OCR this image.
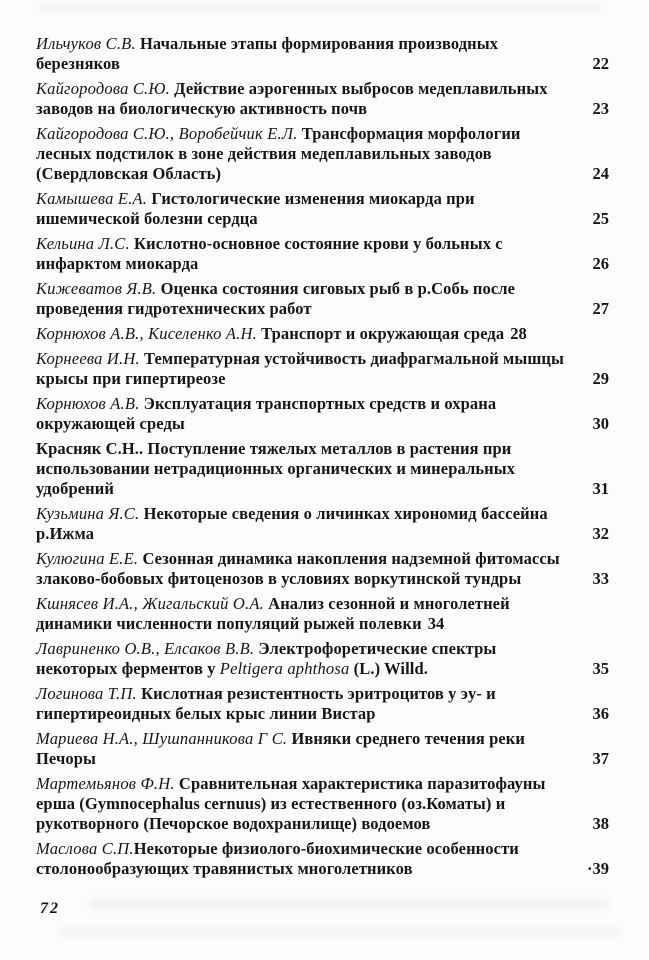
Ильчуков С.В. Начальные этапы формирования производных
березняков	22
Кайгородова С.Ю. Действие аэрогенных выбросов медеплавильных
заводов на биологическую активность почв	23
Кайгородова С.Ю., Воробейчик Е.Л. Трансформация морфологии
лесных подстилок в зоне действия медеплавильных заводов
(Свердловская Область)	24
Камышева Е.А. Гистологические изменения миокарда при
ишемической болезни сердца	25
Кельина Л.С. Кислотно-основное состояние крови у больных с
инфарктом миокарда	26
Кижеватов Я.В. Оценка состояния сиговых рыб в р.Собь после
проведения гидротехнических работ	27
Корнюхов А.В., Киселенко А.Н. Транспорт и окружающая среда 28
Корнеева И.Н. Температурная устойчивость диафрагмальной мышцы
крысы при гипертиреозе	29
Корнюхов А.В. Эксплуатация транспортных средств и охрана
окружающей среды	30
Красняк С.Н.. Поступление тяжелых металлов в растения при
использовании нетрадиционных органических и минеральных
удобрений	31
Кузьмина Я.С. Некоторые сведения о личинках хирономид бассейна
р.Ижма	32
Кулюгина Е.Е. Сезонная динамика накопления надземной фитомассы
злаково-бобовых фитоценозов в условиях воркутинской тундры	33
Кшнясев И.А., Жигальский О.А. Анализ сезонной и многолетней
динамики численности популяций рыжей полевки 34
Лавриненко О.В., Елсаков В.В. Электрофоретические спектры
некоторых ферментов у Peltigera aphthosa (L.) Willd.	35
Логинова Т.П. Кислотная резистентность эритроцитов у эу- и
гипертиреоидных белых крыс линии Вистар	36
Мариева Н.А., Шушпанникова Г С. Ивняки среднего течения реки
Печоры	37
Мартемьянов Ф.Н. Сравнительная характеристика паразитофауны
ерша (Gymnocephalus cernuus) из естественного (оз.Коматы) и
рукотворного (Печорское водохранилище) водоемов	38
Маслова С.П.Некоторые физиолого-биохимические особенности
столонообразующих травянистых многолетников	·39
72
